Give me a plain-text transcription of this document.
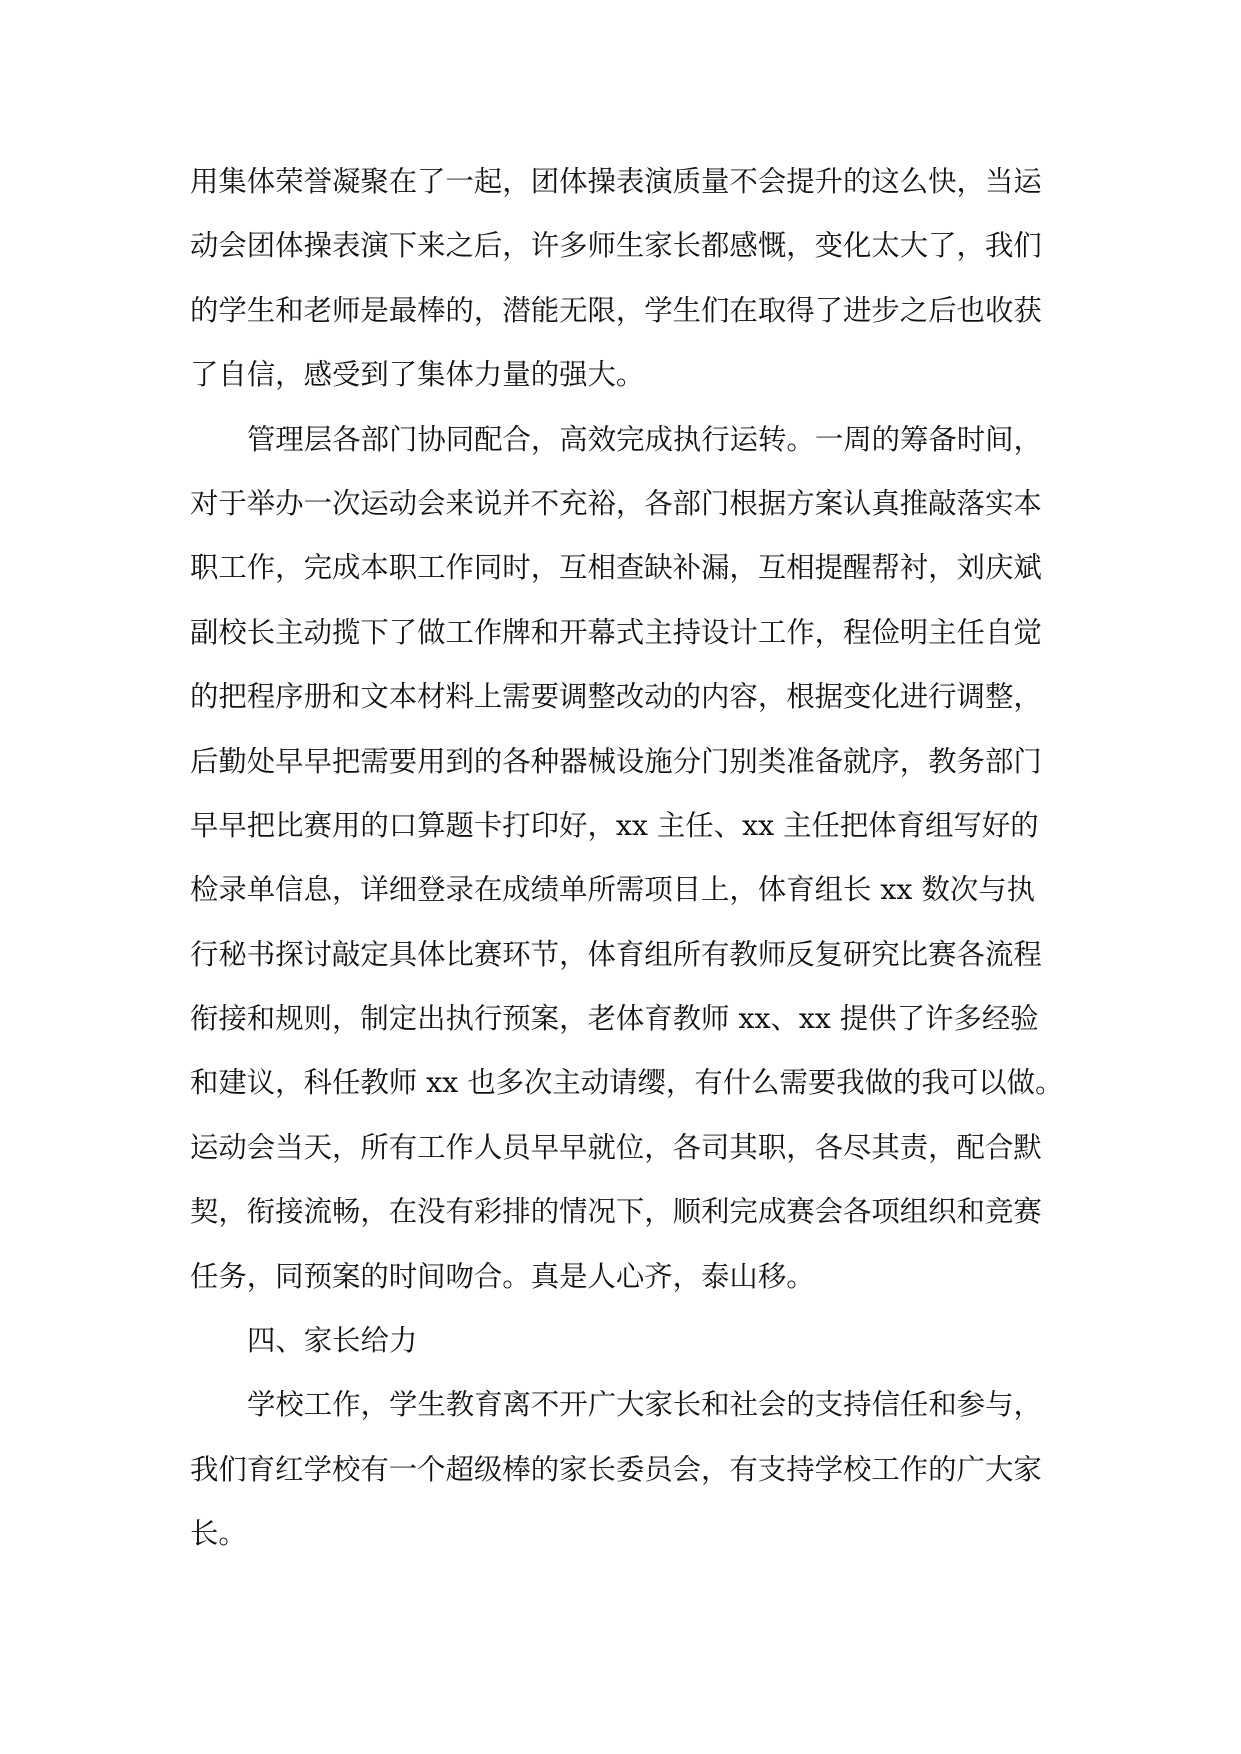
用集体荣誉凝聚在了一起，团体操表演质量不会提升的这么快，当运
动会团体操表演下来之后，许多师生家长都感慨，变化太大了，我们
的学生和老师是最棒的，潜能无限，学生们在取得了进步之后也收获
了自信，感受到了集体力量的强大。
管理层各部门协同配合，高效完成执行运转。一周的筹备时间，
对于举办一次运动会来说并不充裕，各部门根据方案认真推敲落实本
职工作，完成本职工作同时，互相查缺补漏，互相提醒帮衬，刘庆斌
副校长主动揽下了做工作牌和开幕式主持设计工作，程俭明主任自觉
的把程序册和文本材料上需要调整改动的内容，根据变化进行调整，
后勤处早早把需要用到的各种器械设施分门别类准备就序，教务部门
早早把比赛用的口算题卡打印好，xx 主任、xx 主任把体育组写好的
检录单信息，详细登录在成绩单所需项目上，体育组长 xx 数次与执
行秘书探讨敲定具体比赛环节，体育组所有教师反复研究比赛各流程
衔接和规则，制定出执行预案，老体育教师 xx、xx 提供了许多经验
和建议，科任教师 xx 也多次主动请缨，有什么需要我做的我可以做。
运动会当天，所有工作人员早早就位，各司其职，各尽其责，配合默
契，衔接流畅，在没有彩排的情况下，顺利完成赛会各项组织和竞赛
任务，同预案的时间吻合。真是人心齐，泰山移。
四、家长给力
学校工作，学生教育离不开广大家长和社会的支持信任和参与，
我们育红学校有一个超级棒的家长委员会，有支持学校工作的广大家
长。
